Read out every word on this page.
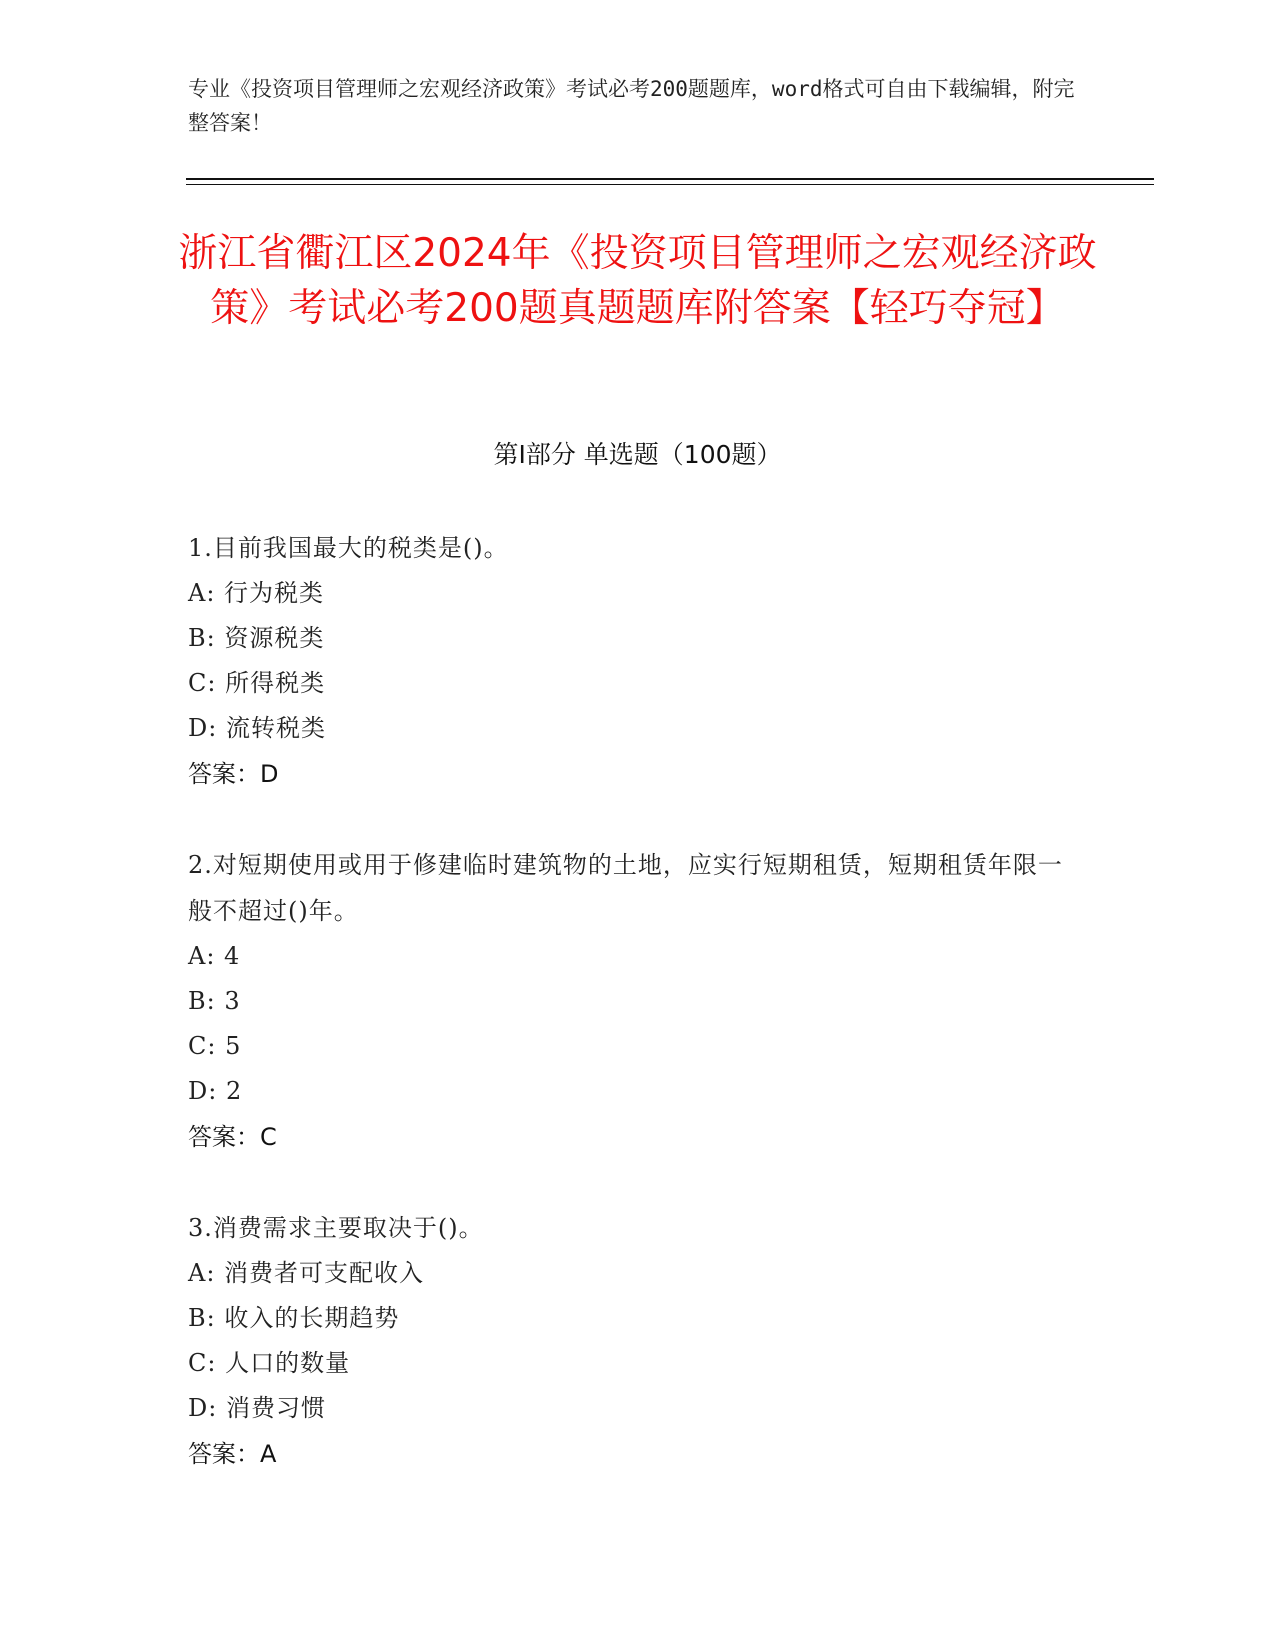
专业《投资项目管理师之宏观经济政策》考试必考200题题库，word格式可自由下载编辑，附完整答案！
浙江省衢江区2024年《投资项目管理师之宏观经济政策》考试必考200题真题题库附答案【轻巧夺冠】
第Ⅰ部分 单选题（100题）
1.目前我国最大的税类是()。
A: 行为税类
B: 资源税类
C: 所得税类
D: 流转税类
答案：D
2.对短期使用或用于修建临时建筑物的土地，应实行短期租赁，短期租赁年限一般不超过()年。
A: 4
B: 3
C: 5
D: 2
答案：C
3.消费需求主要取决于()。
A: 消费者可支配收入
B: 收入的长期趋势
C: 人口的数量
D: 消费习惯
答案：A
